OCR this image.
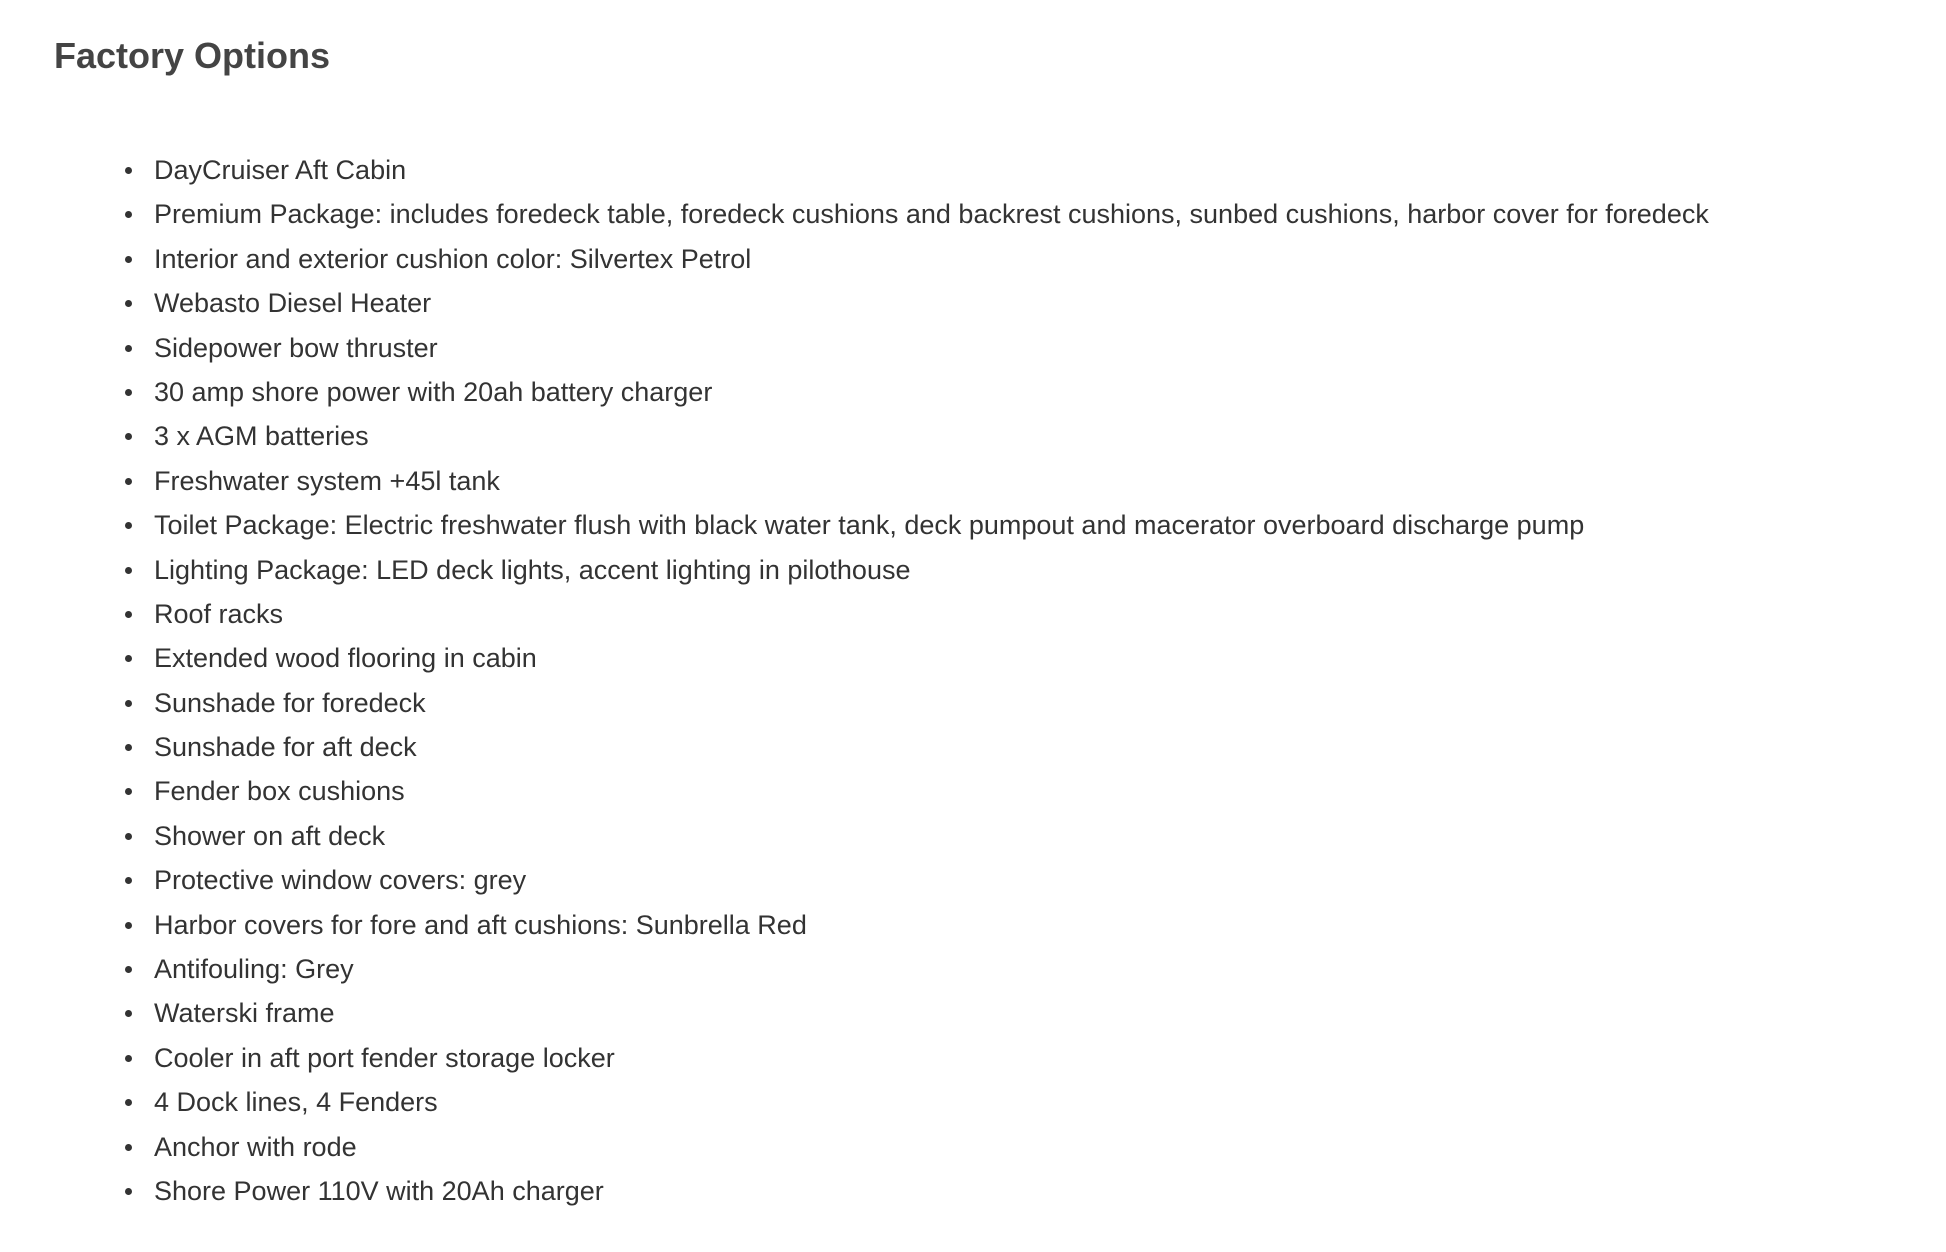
Factory Options
DayCruiser Aft Cabin
Premium Package: includes foredeck table, foredeck cushions and backrest cushions, sunbed cushions, harbor cover for foredeck
Interior and exterior cushion color: Silvertex Petrol
Webasto Diesel Heater
Sidepower bow thruster
30 amp shore power with 20ah battery charger
3 x AGM batteries
Freshwater system +45l tank
Toilet Package: Electric freshwater flush with black water tank, deck pumpout and macerator overboard discharge pump
Lighting Package: LED deck lights, accent lighting in pilothouse
Roof racks
Extended wood flooring in cabin
Sunshade for foredeck
Sunshade for aft deck
Fender box cushions
Shower on aft deck
Protective window covers: grey
Harbor covers for fore and aft cushions: Sunbrella Red
Antifouling: Grey
Waterski frame
Cooler in aft port fender storage locker
4 Dock lines, 4 Fenders
Anchor with rode
Shore Power 110V with 20Ah charger
